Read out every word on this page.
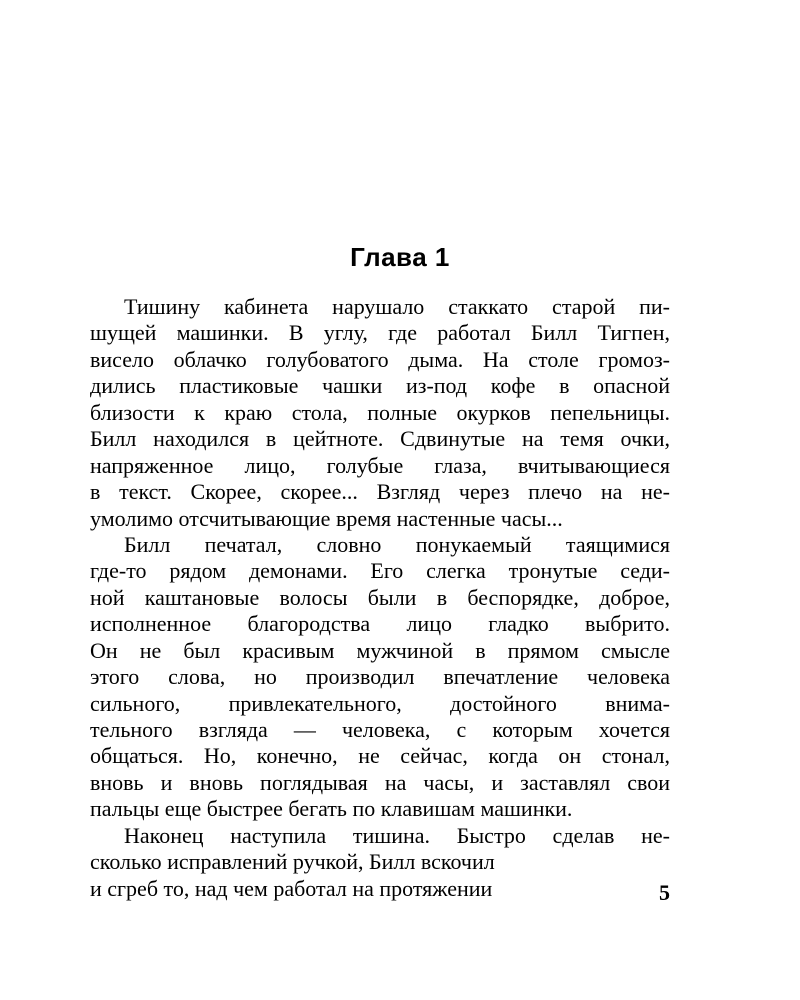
Глава 1
Тишину кабинета нарушало стаккато старой пи-
шущей машинки. В углу, где работал Билл Тигпен,
висело облачко голубоватого дыма. На столе громоз-
дились пластиковые чашки из-под кофе в опасной
близости к краю стола, полные окурков пепельницы.
Билл находился в цейтноте. Сдвинутые на темя очки,
напряженное лицо, голубые глаза, вчитывающиеся
в текст. Скорее, скорее... Взгляд через плечо на не-
умолимо отсчитывающие время настенные часы...
Билл печатал, словно понукаемый таящимися
где-то рядом демонами. Его слегка тронутые седи-
ной каштановые волосы были в беспорядке, доброе,
исполненное благородства лицо гладко выбрито.
Он не был красивым мужчиной в прямом смысле
этого слова, но производил впечатление человека
сильного, привлекательного, достойного внима-
тельного взгляда — человека, с которым хочется
общаться. Но, конечно, не сейчас, когда он стонал,
вновь и вновь поглядывая на часы, и заставлял свои
пальцы еще быстрее бегать по клавишам машинки.
Наконец наступила тишина. Быстро сделав не-
сколько исправлений ручкой, Билл вскочил
и сгреб то, над чем работал на протяжении	5
